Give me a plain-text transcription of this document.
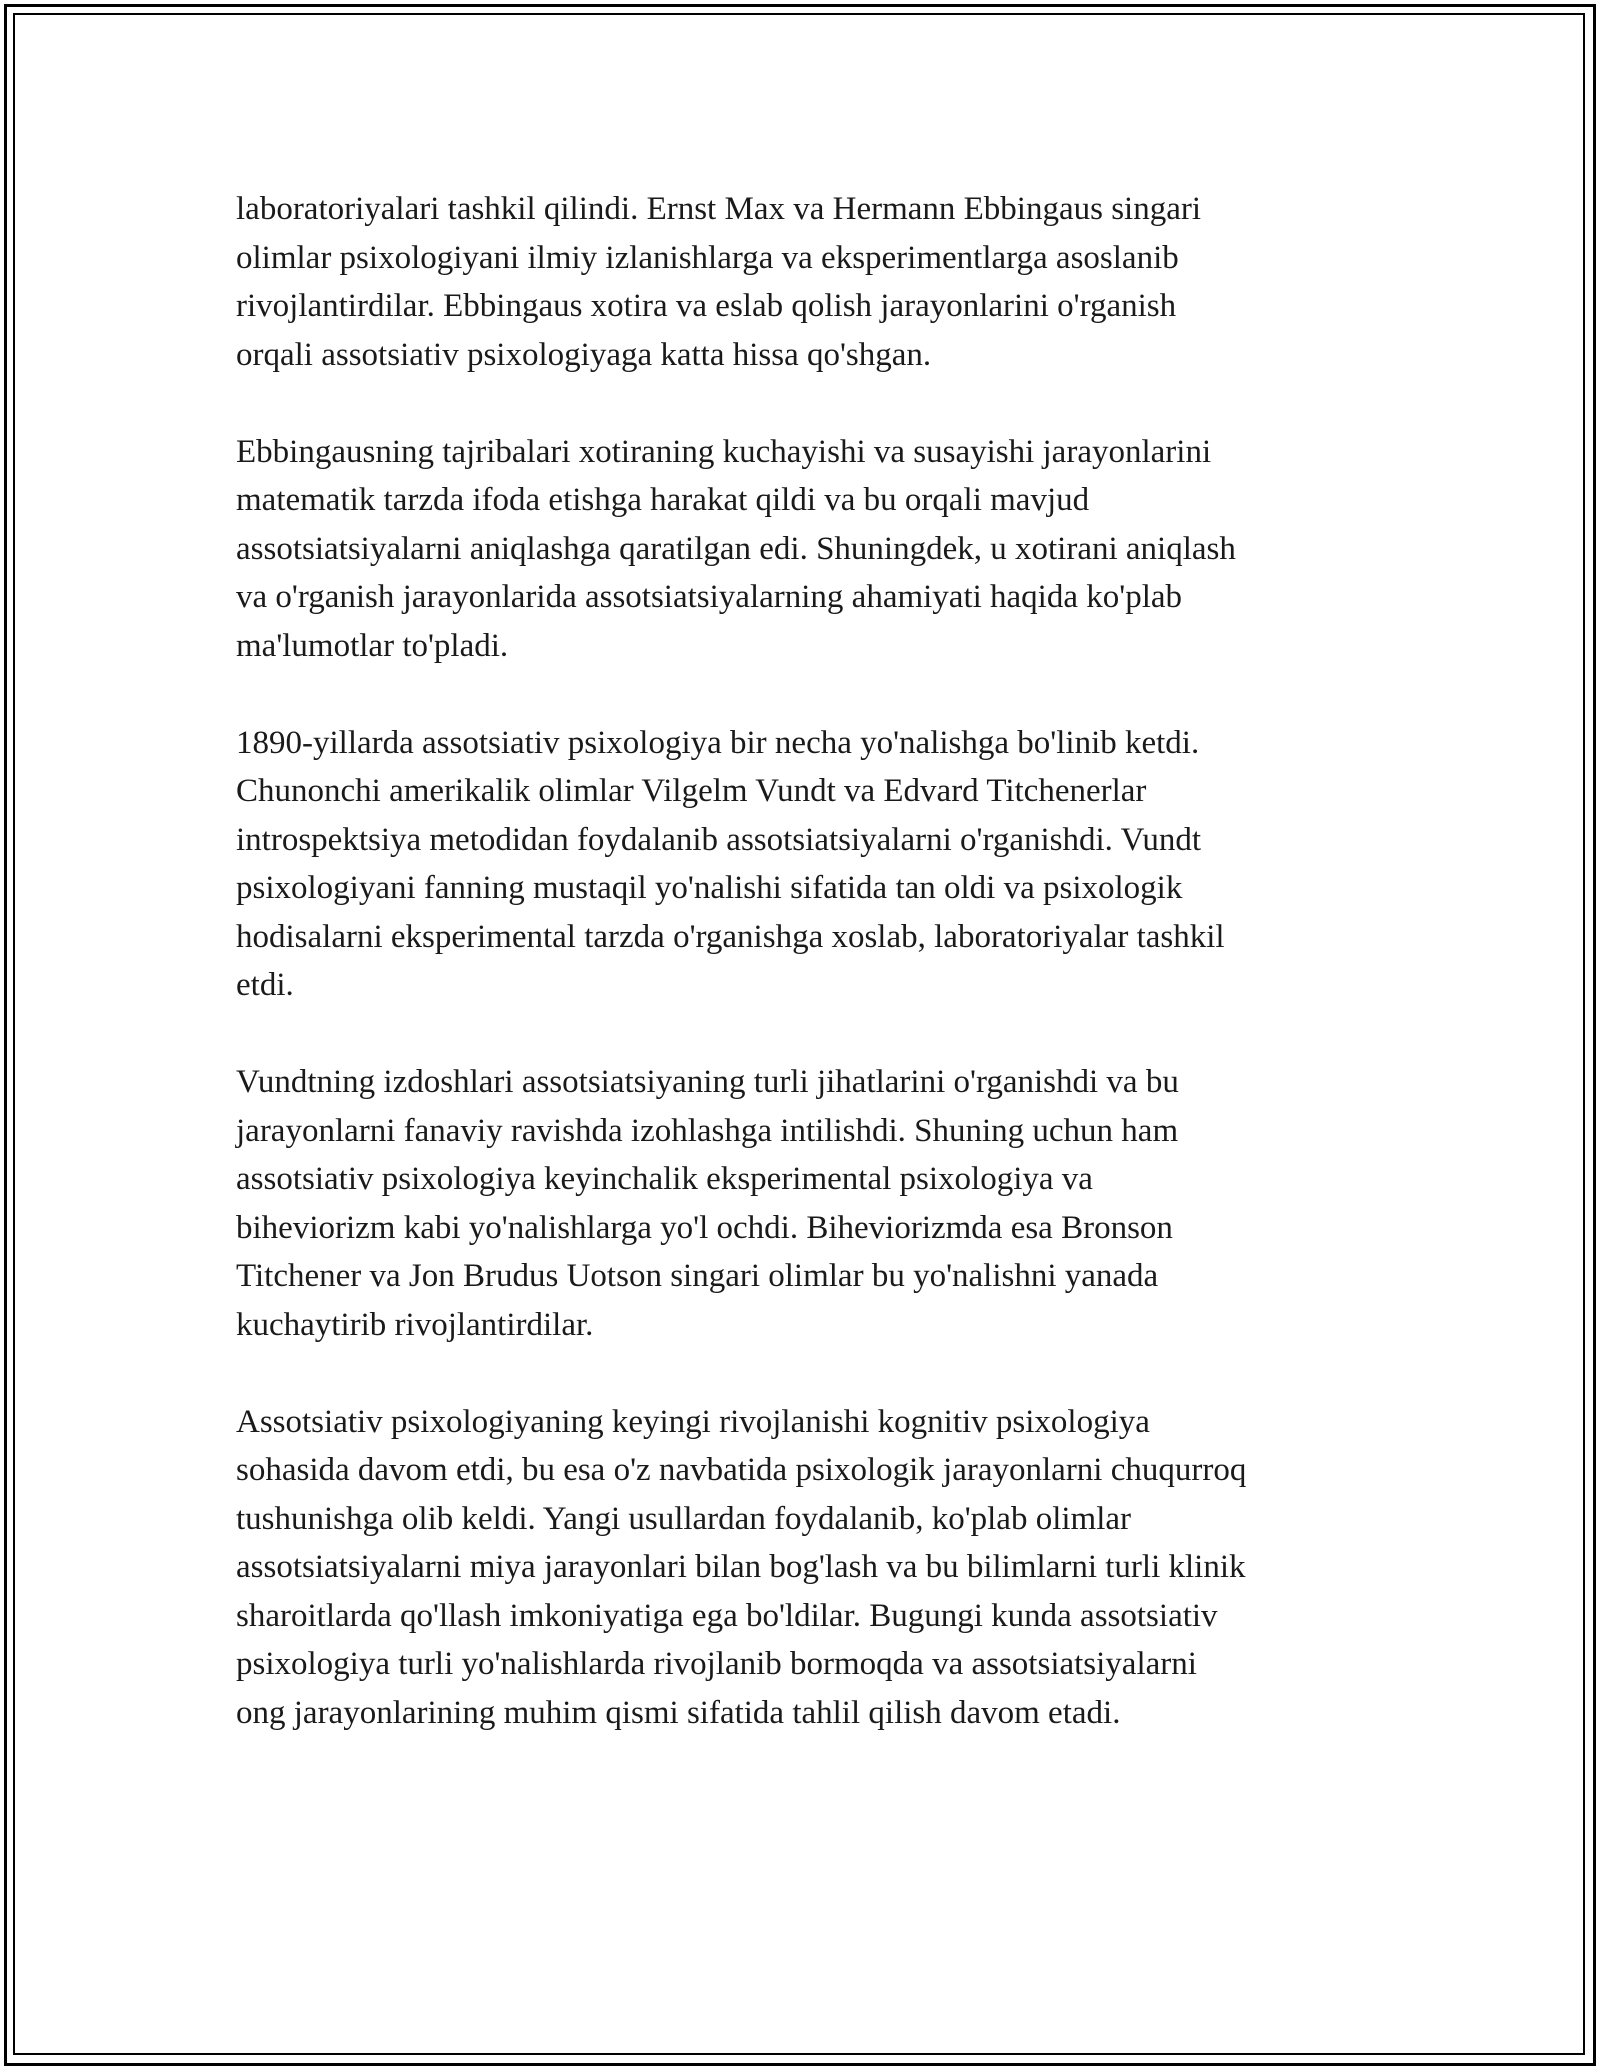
laboratoriyalari tashkil qilindi. Ernst Max va Hermann Ebbingaus singari
olimlar psixologiyani ilmiy izlanishlarga va eksperimentlarga asoslanib
rivojlantirdilar. Ebbingaus xotira va eslab qolish jarayonlarini o'rganish
orqali assotsiativ psixologiyaga katta hissa qo'shgan.

Ebbingausning tajribalari xotiraning kuchayishi va susayishi jarayonlarini
matematik tarzda ifoda etishga harakat qildi va bu orqali mavjud
assotsiatsiyalarni aniqlashga qaratilgan edi. Shuningdek, u xotirani aniqlash
va o'rganish jarayonlarida assotsiatsiyalarning ahamiyati haqida ko'plab
ma'lumotlar to'pladi.

1890-yillarda assotsiativ psixologiya bir necha yo'nalishga bo'linib ketdi.
Chunonchi amerikalik olimlar Vilgelm Vundt va Edvard Titchenerlar
introspektsiya metodidan foydalanib assotsiatsiyalarni o'rganishdi. Vundt
psixologiyani fanning mustaqil yo'nalishi sifatida tan oldi va psixologik
hodisalarni eksperimental tarzda o'rganishga xoslab, laboratoriyalar tashkil
etdi.

Vundtning izdoshlari assotsiatsiyaning turli jihatlarini o'rganishdi va bu
jarayonlarni fanaviy ravishda izohlashga intilishdi. Shuning uchun ham
assotsiativ psixologiya keyinchalik eksperimental psixologiya va
biheviorizm kabi yo'nalishlarga yo'l ochdi. Biheviorizmda esa Bronson
Titchener va Jon Brudus Uotson singari olimlar bu yo'nalishni yanada
kuchaytirib rivojlantirdilar.

Assotsiativ psixologiyaning keyingi rivojlanishi kognitiv psixologiya
sohasida davom etdi, bu esa o'z navbatida psixologik jarayonlarni chuqurroq
tushunishga olib keldi. Yangi usullardan foydalanib, ko'plab olimlar
assotsiatsiyalarni miya jarayonlari bilan bog'lash va bu bilimlarni turli klinik
sharoitlarda qo'llash imkoniyatiga ega bo'ldilar. Bugungi kunda assotsiativ
psixologiya turli yo'nalishlarda rivojlanib bormoqda va assotsiatsiyalarni
ong jarayonlarining muhim qismi sifatida tahlil qilish davom etadi.
